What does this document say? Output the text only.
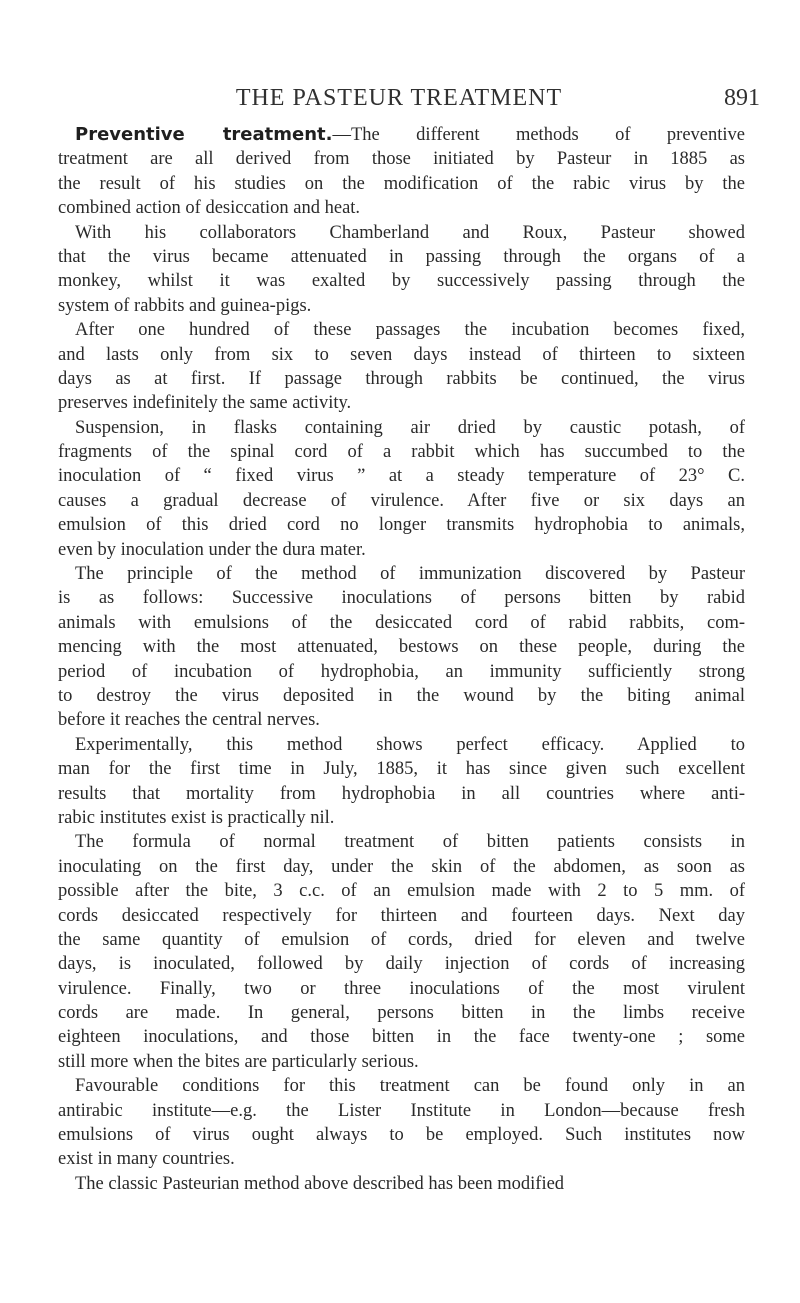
THE PASTEUR TREATMENT	891
Preventive treatment.—The different methods of preventive
treatment are all derived from those initiated by Pasteur in 1885 as
the result of his studies on the modification of the rabic virus by the
combined action of desiccation and heat.
With his collaborators Chamberland and Roux, Pasteur showed
that the virus became attenuated in passing through the organs of a
monkey, whilst it was exalted by successively passing through the
system of rabbits and guinea-pigs.
After one hundred of these passages the incubation becomes fixed,
and lasts only from six to seven days instead of thirteen to sixteen
days as at first. If passage through rabbits be continued, the virus
preserves indefinitely the same activity.
Suspension, in flasks containing air dried by caustic potash, of
fragments of the spinal cord of a rabbit which has succumbed to the
inoculation of “ fixed virus ” at a steady temperature of 23° C.
causes a gradual decrease of virulence. After five or six days an
emulsion of this dried cord no longer transmits hydrophobia to animals,
even by inoculation under the dura mater.
The principle of the method of immunization discovered by Pasteur
is as follows: Successive inoculations of persons bitten by rabid
animals with emulsions of the desiccated cord of rabid rabbits, com-
mencing with the most attenuated, bestows on these people, during the
period of incubation of hydrophobia, an immunity sufficiently strong
to destroy the virus deposited in the wound by the biting animal
before it reaches the central nerves.
Experimentally, this method shows perfect efficacy. Applied to
man for the first time in July, 1885, it has since given such excellent
results that mortality from hydrophobia in all countries where anti-
rabic institutes exist is practically nil.
The formula of normal treatment of bitten patients consists in
inoculating on the first day, under the skin of the abdomen, as soon as
possible after the bite, 3 c.c. of an emulsion made with 2 to 5 mm. of
cords desiccated respectively for thirteen and fourteen days. Next day
the same quantity of emulsion of cords, dried for eleven and twelve
days, is inoculated, followed by daily injection of cords of increasing
virulence. Finally, two or three inoculations of the most virulent
cords are made. In general, persons bitten in the limbs receive
eighteen inoculations, and those bitten in the face twenty-one ; some
still more when the bites are particularly serious.
Favourable conditions for this treatment can be found only in an
antirabic institute—e.g. the Lister Institute in London—because fresh
emulsions of virus ought always to be employed. Such institutes now
exist in many countries.
The classic Pasteurian method above described has been modified
